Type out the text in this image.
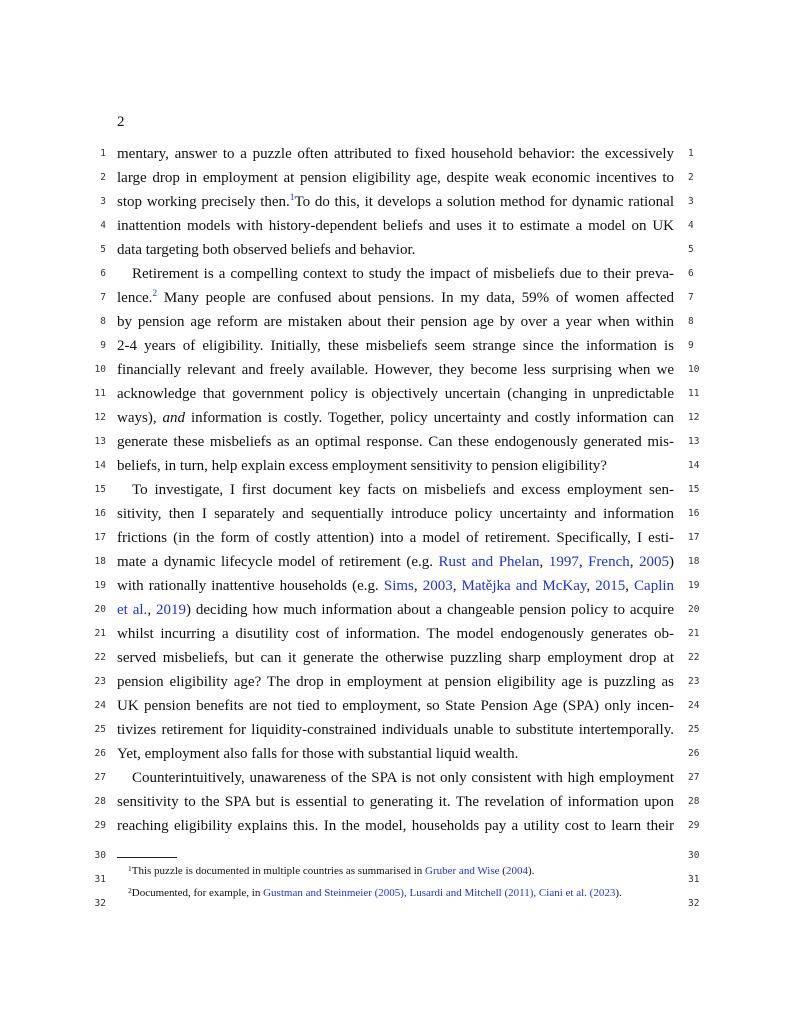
2
1
2
3
4
5
6
7
8
9
10
11
12
13
14
15
16
17
18
19
20
21
22
23
24
25
26
27
28
29
30
31
32
1
2
3
4
5
6
7
8
9
10
11
12
13
14
15
16
17
18
19
20
21
22
23
24
25
26
27
28
29
30
31
32
mentary, answer to a puzzle often attributed to fixed household behavior: the excessively
large drop in employment at pension eligibility age, despite weak economic incentives to
stop working precisely then.$^1$To do this, it develops a solution method for dynamic rational
inattention models with history-dependent beliefs and uses it to estimate a model on UK
data targeting both observed beliefs and behavior.
Retirement is a compelling context to study the impact of misbeliefs due to their preva-
lence.$^2$ Many people are confused about pensions. In my data, 59% of women affected
by pension age reform are mistaken about their pension age by over a year when within
2-4 years of eligibility. Initially, these misbeliefs seem strange since the information is
financially relevant and freely available. However, they become less surprising when we
acknowledge that government policy is objectively uncertain (changing in unpredictable
ways), and information is costly. Together, policy uncertainty and costly information can
generate these misbeliefs as an optimal response. Can these endogenously generated mis-
beliefs, in turn, help explain excess employment sensitivity to pension eligibility?
To investigate, I first document key facts on misbeliefs and excess employment sen-
sitivity, then I separately and sequentially introduce policy uncertainty and information
frictions (in the form of costly attention) into a model of retirement. Specifically, I esti-
mate a dynamic lifecycle model of retirement (e.g. Rust and Phelan, 1997, French, 2005)
with rationally inattentive households (e.g. Sims, 2003, Matějka and McKay, 2015, Caplin
et al., 2019) deciding how much information about a changeable pension policy to acquire
whilst incurring a disutility cost of information. The model endogenously generates ob-
served misbeliefs, but can it generate the otherwise puzzling sharp employment drop at
pension eligibility age? The drop in employment at pension eligibility age is puzzling as
UK pension benefits are not tied to employment, so State Pension Age (SPA) only incen-
tivizes retirement for liquidity-constrained individuals unable to substitute intertemporally.
Yet, employment also falls for those with substantial liquid wealth.
Counterintuitively, unawareness of the SPA is not only consistent with high employment
sensitivity to the SPA but is essential to generating it. The revelation of information upon
reaching eligibility explains this. In the model, households pay a utility cost to learn their
$^1$This puzzle is documented in multiple countries as summarised in Gruber and Wise (2004).
$^2$Documented, for example, in Gustman and Steinmeier (2005), Lusardi and Mitchell (2011), Ciani et al. (2023).
